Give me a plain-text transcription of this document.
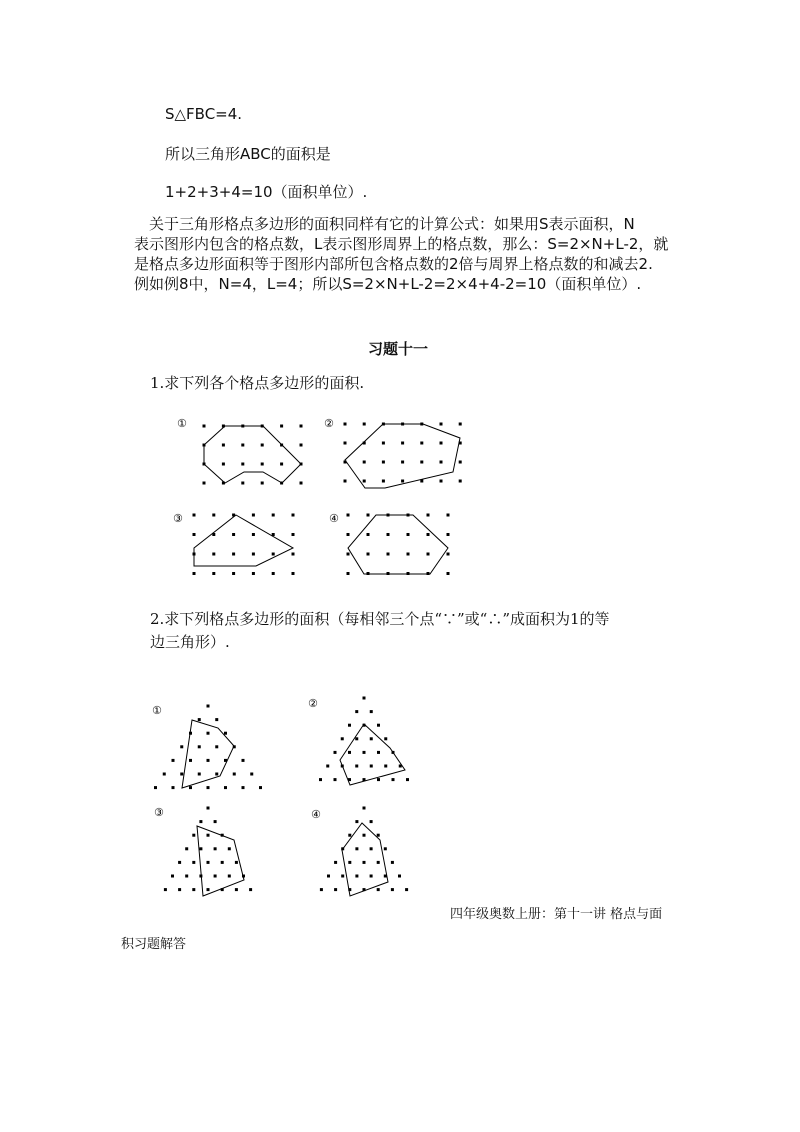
S△FBC=4.
所以三角形ABC的面积是
1+2+3+4=10（面积单位）.
　关于三角形格点多边形的面积同样有它的计算公式：如果用S表示面积，N
表示图形内包含的格点数，L表示图形周界上的格点数，那么：S=2×N+L-2，就
是格点多边形面积等于图形内部所包含格点数的2倍与周界上格点数的和减去2.
例如例8中，N=4，L=4；所以S=2×N+L-2=2×4+4-2=10（面积单位）.
习题十一
1.求下列各个格点多边形的面积.
2.求下列格点多边形的面积（每相邻三个点“∵”或“∴”成面积为1的等
边三角形）.
四年级奥数上册：第十一讲 格点与面
积习题解答
①	②
③	④
①
②
③	④
